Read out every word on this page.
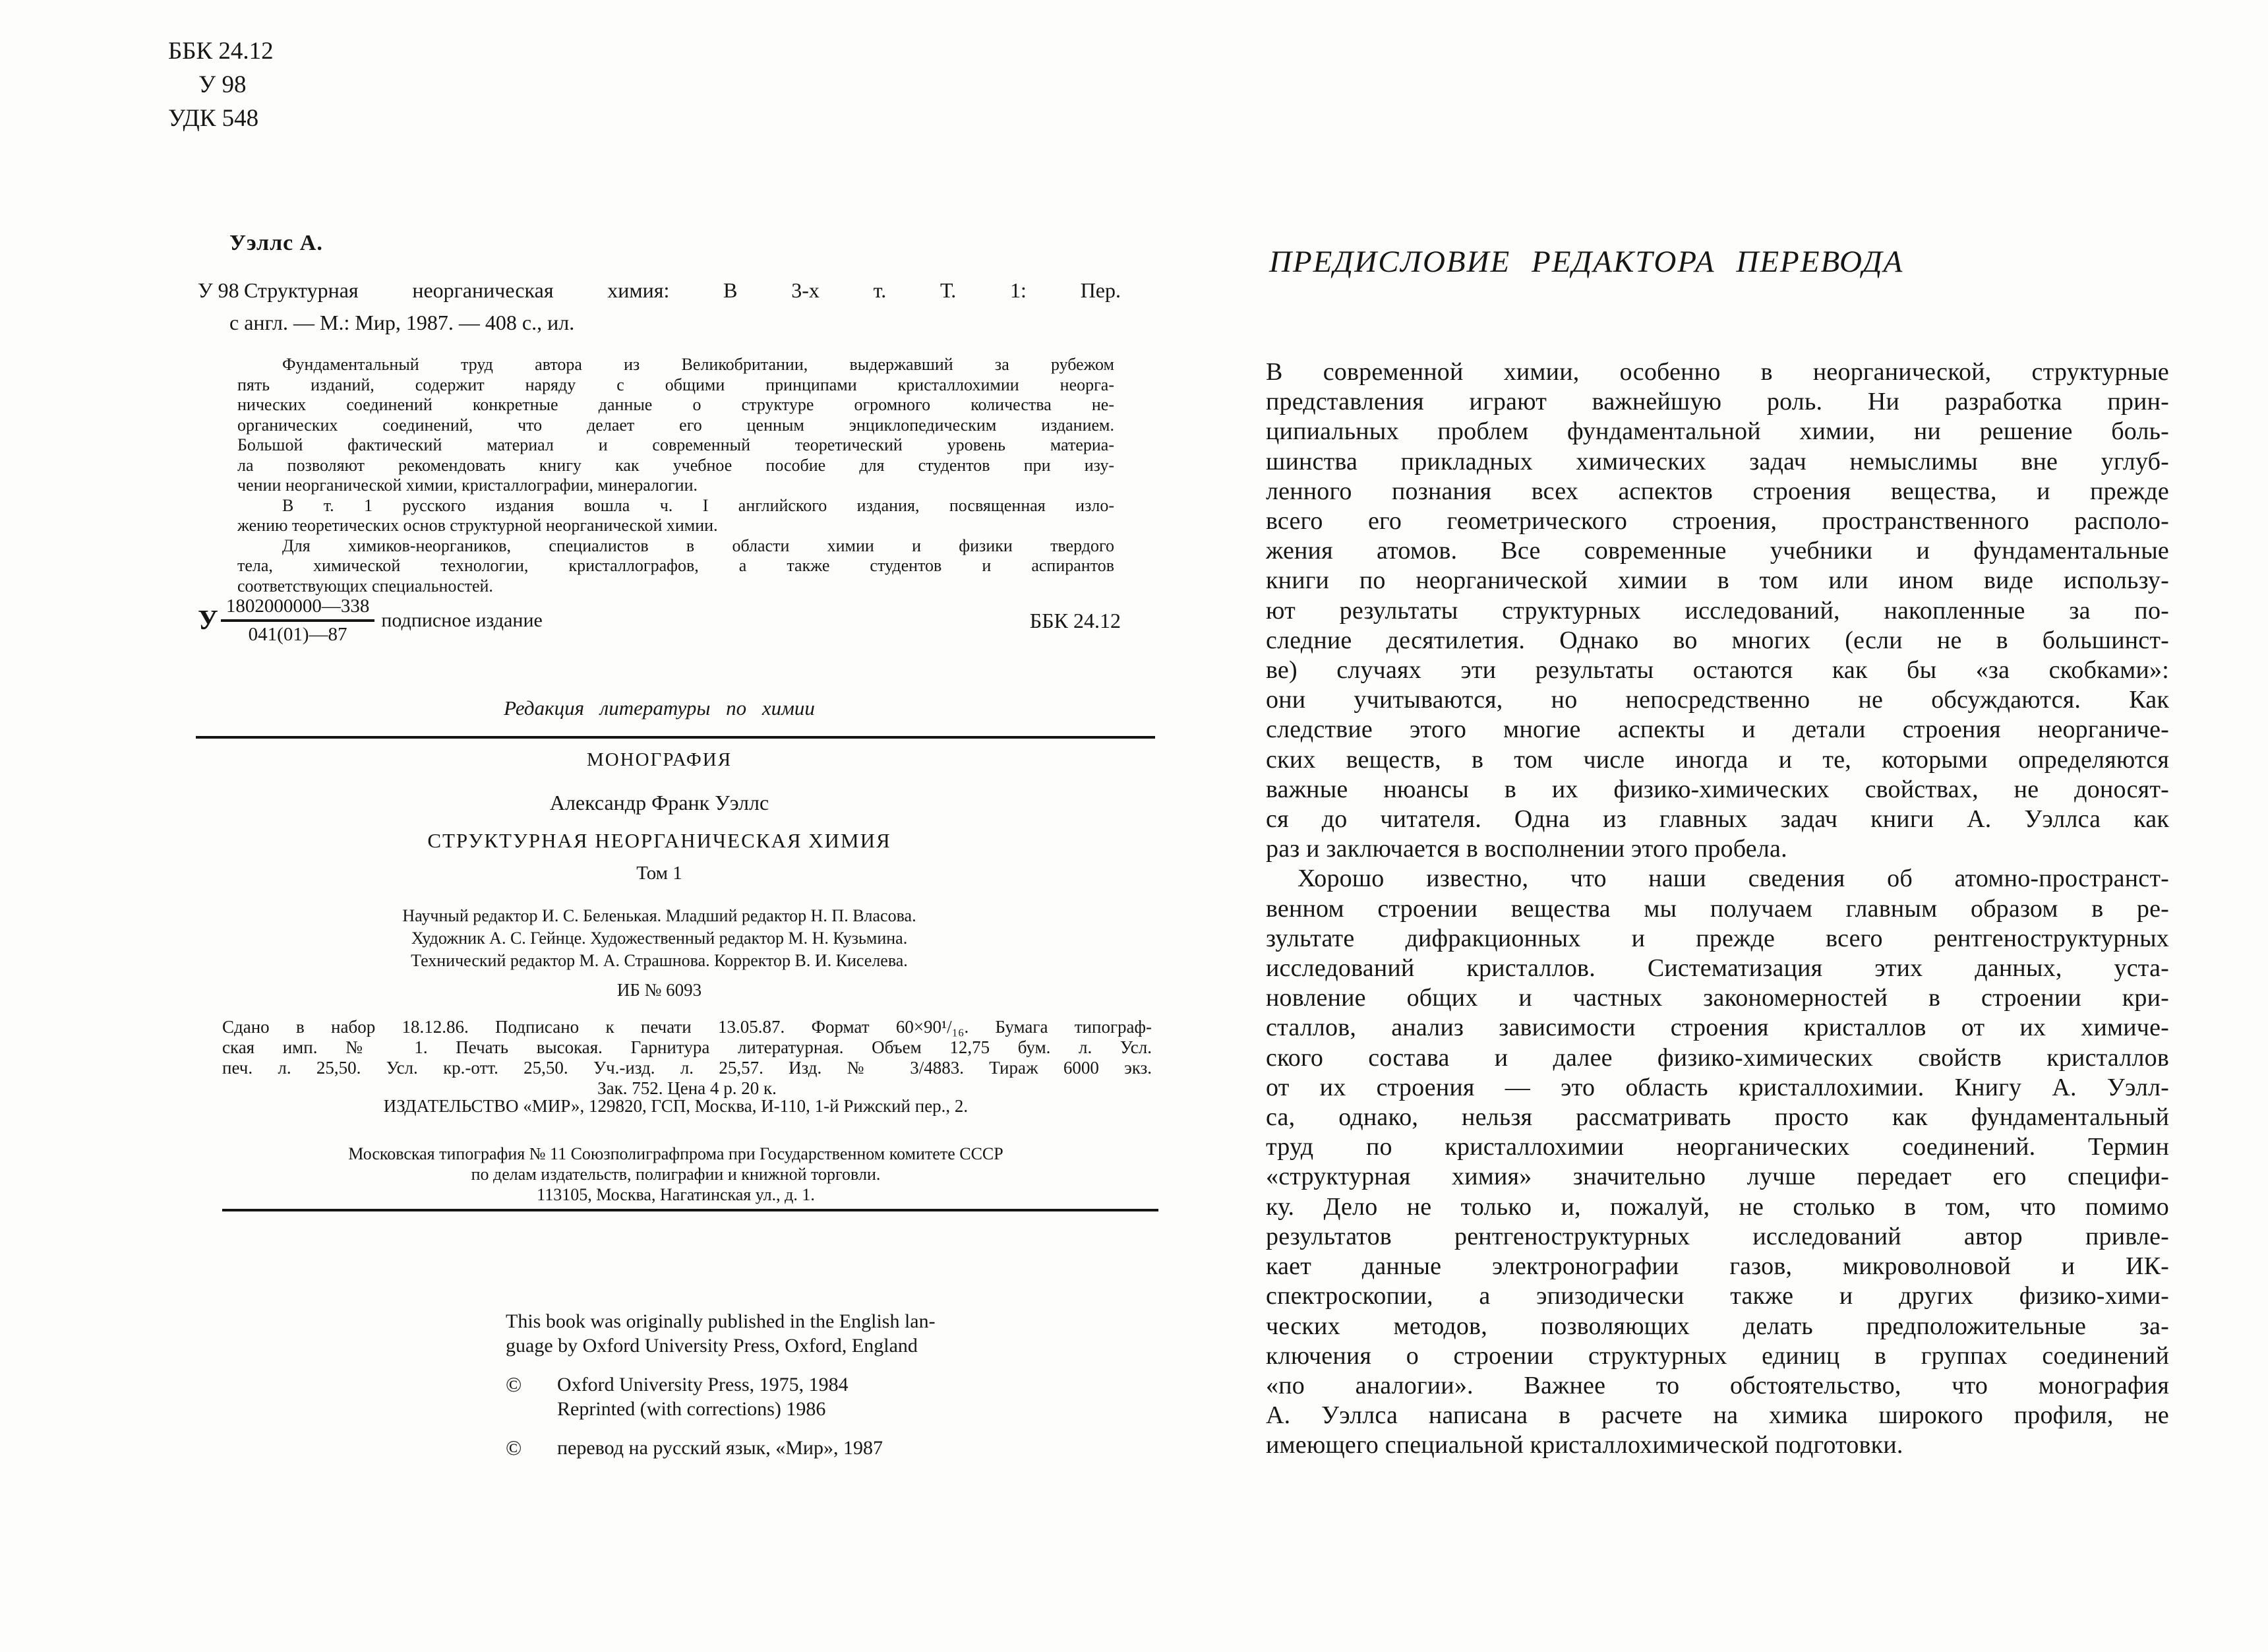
ББК 24.12
У 98
УДК 548
Уэллс А.
У 98 Структурная неорганическая химия: В 3-х т. Т. 1: Пер.
с англ. — М.: Мир, 1987. — 408 с., ил.
Фундаментальный труд автора из Великобритании, выдержавший за рубежом
пять изданий, содержит наряду с общими принципами кристаллохимии неорга-
нических соединений конкретные данные о структуре огромного количества не-
органических соединений, что делает его ценным энциклопедическим изданием.
Большой фактический материал и современный теоретический уровень материа-
ла позволяют рекомендовать книгу как учебное пособие для студентов при изу-
чении неорганической химии, кристаллографии, минералогии.
В т. 1 русского издания вошла ч. I английского издания, посвященная изло-
жению теоретических основ структурной неорганической химии.
Для химиков-неоргаников, специалистов в области химии и физики твердого
тела, химической технологии, кристаллографов, а также студентов и аспирантов
соответствующих специальностей.
У $\frac{1802000000—338}{041(01)—87}$ подписное издание	ББК 24.12
Редакция литературы по химии
МОНОГРАФИЯ
Александр Франк Уэллс
СТРУКТУРНАЯ НЕОРГАНИЧЕСКАЯ ХИМИЯ
Том 1
Научный редактор И. С. Беленькая. Младший редактор Н. П. Власова.
Художник А. С. Гейнце. Художественный редактор М. Н. Кузьмина.
Технический редактор М. А. Страшнова. Корректор В. И. Киселева.
ИБ № 6093
Сдано в набор 18.12.86. Подписано к печати 13.05.87. Формат 60×90¹/₁₆. Бумага типограф-
ская имп. № 1. Печать высокая. Гарнитура литературная. Объем 12,75 бум. л. Усл.
печ. л. 25,50. Усл. кр.-отт. 25,50. Уч.-изд. л. 25,57. Изд. № 3/4883. Тираж 6000 экз.
Зак. 752. Цена 4 р. 20 к.
ИЗДАТЕЛЬСТВО «МИР», 129820, ГСП, Москва, И-110, 1-й Рижский пер., 2.
Московская типография № 11 Союзполиграфпрома при Государственном комитете СССР
по делам издательств, полиграфии и книжной торговли.
113105, Москва, Нагатинская ул., д. 1.
This book was originally published in the English lan-
guage by Oxford University Press, Oxford, England
©	Oxford University Press, 1975, 1984
Reprinted (with corrections) 1986
©	перевод на русский язык, «Мир», 1987
ПРЕДИСЛОВИЕ РЕДАКТОРА ПЕРЕВОДА
В современной химии, особенно в неорганической, структурные
представления играют важнейшую роль. Ни разработка прин-
ципиальных проблем фундаментальной химии, ни решение боль-
шинства прикладных химических задач немыслимы вне углуб-
ленного познания всех аспектов строения вещества, и прежде
всего его геометрического строения, пространственного располо-
жения атомов. Все современные учебники и фундаментальные
книги по неорганической химии в том или ином виде использу-
ют результаты структурных исследований, накопленные за по-
следние десятилетия. Однако во многих (если не в большинст-
ве) случаях эти результаты остаются как бы «за скобками»:
они учитываются, но непосредственно не обсуждаются. Как
следствие этого многие аспекты и детали строения неорганиче-
ских веществ, в том числе иногда и те, которыми определяются
важные нюансы в их физико-химических свойствах, не доносят-
ся до читателя. Одна из главных задач книги А. Уэллса как
раз и заключается в восполнении этого пробела.
Хорошо известно, что наши сведения об атомно-пространст-
венном строении вещества мы получаем главным образом в ре-
зультате дифракционных и прежде всего рентгеноструктурных
исследований кристаллов. Систематизация этих данных, уста-
новление общих и частных закономерностей в строении кри-
сталлов, анализ зависимости строения кристаллов от их химиче-
ского состава и далее физико-химических свойств кристаллов
от их строения — это область кристаллохимии. Книгу А. Уэлл-
са, однако, нельзя рассматривать просто как фундаментальный
труд по кристаллохимии неорганических соединений. Термин
«структурная химия» значительно лучше передает его специфи-
ку. Дело не только и, пожалуй, не столько в том, что помимо
результатов рентгеноструктурных исследований автор привле-
кает данные электронографии газов, микроволновой и ИК-
спектроскопии, а эпизодически также и других физико-хими-
ческих методов, позволяющих делать предположительные за-
ключения о строении структурных единиц в группах соединений
«по аналогии». Важнее то обстоятельство, что монография
А. Уэллса написана в расчете на химика широкого профиля, не
имеющего специальной кристаллохимической подготовки.
